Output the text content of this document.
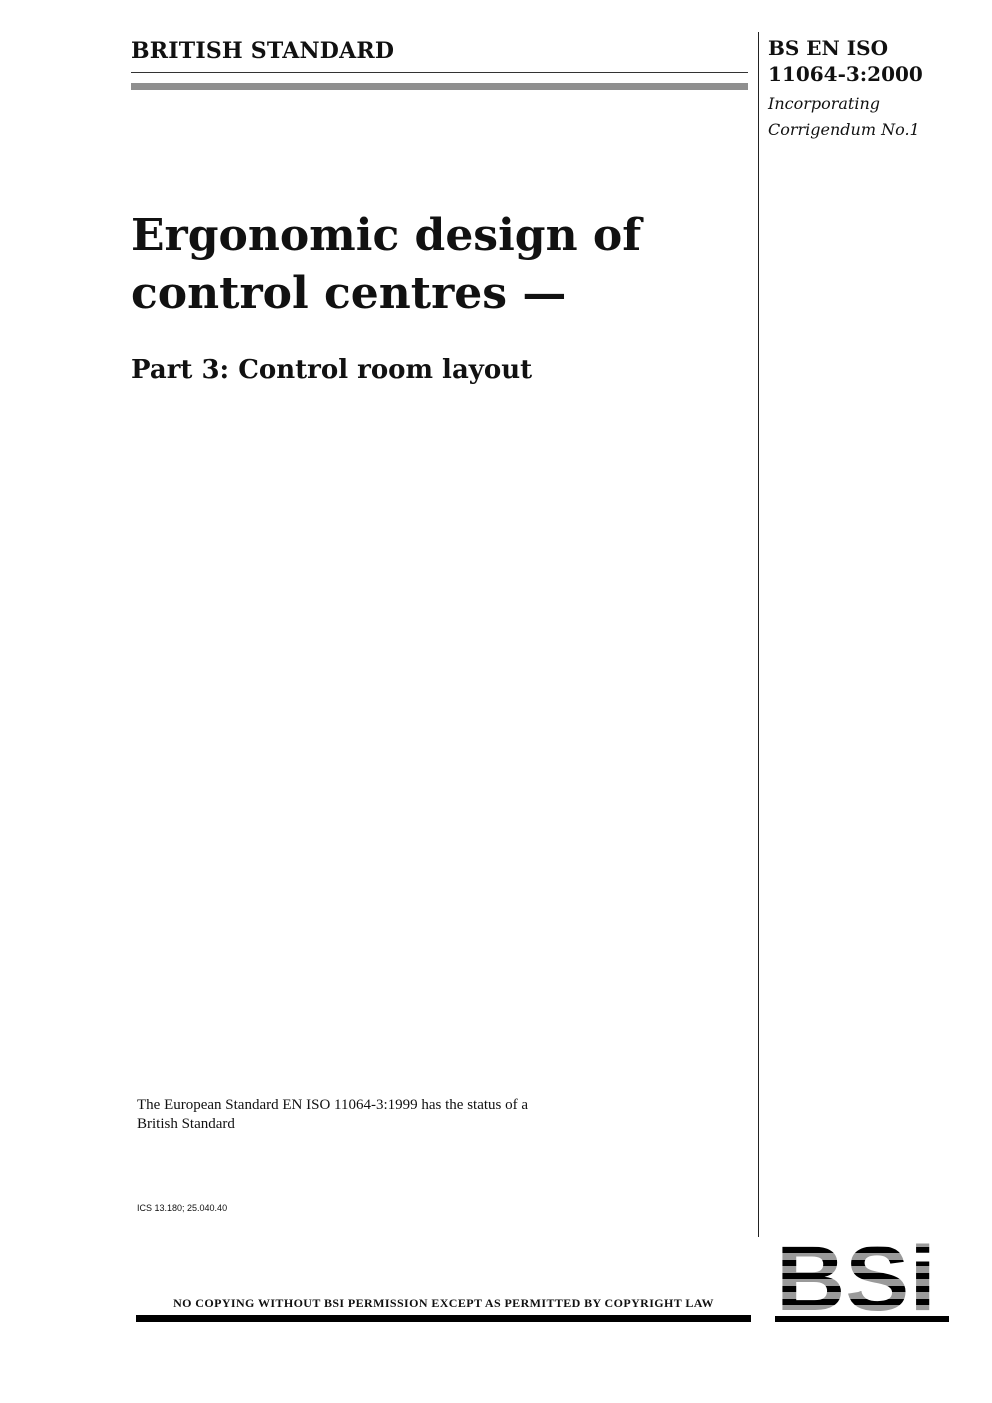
BRITISH STANDARD	BS EN ISO
11064-3:2000
Incorporating
Corrigendum No.1
Ergonomic design of
control centres —
Part 3: Control room layout
The European Standard EN ISO 11064-3:1999 has the status of a
British Standard
ICS 13.180; 25.040.40
NO COPYING WITHOUT BSI PERMISSION EXCEPT AS PERMITTED BY COPYRIGHT LAW
